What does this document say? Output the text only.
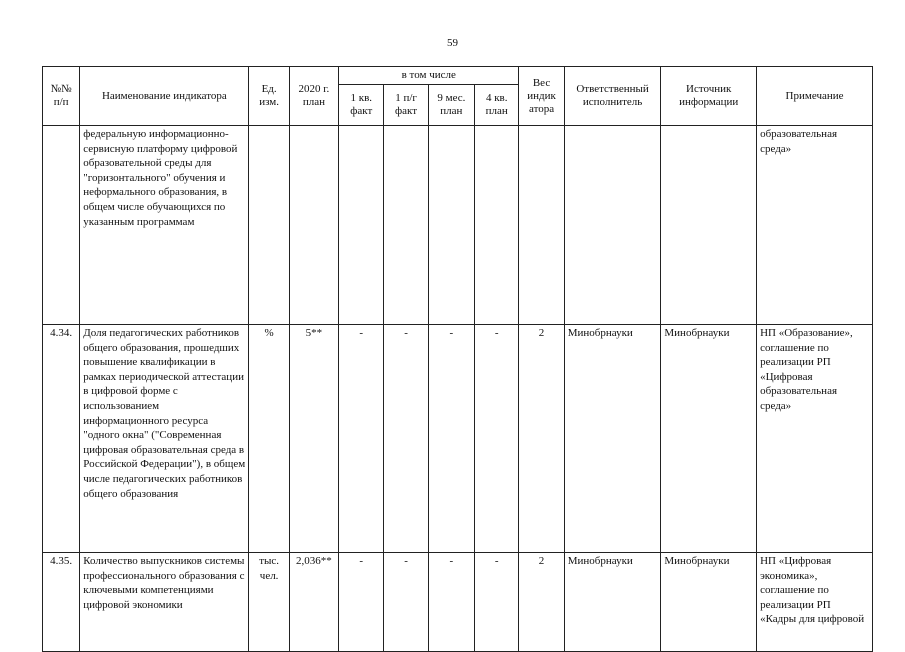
59
№№ п/п	Наименование индикатора	Ед. изм.	2020 г. план	в том числе				Вес индик атора	Ответственный исполнитель	Источник информации	Примечание
				1 кв. факт	1 п/г факт	9 мес. план	4 кв. план				
	федеральную информационно-сервисную платформу цифровой образовательной среды для "горизонтального" обучения и неформального образования, в общем числе обучающихся по указанным программам										образовательная среда»
4.34.	Доля педагогических работников общего образования, прошедших повышение квалификации в рамках периодической аттестации в цифровой форме с использованием информационного ресурса "одного окна" ("Современная цифровая образовательная среда в Российской Федерации"), в общем числе педагогических работников общего образования	%	5**	-	-	-	-	2	Минобрнауки	Минобрнауки	НП «Образование», соглашение по реализации РП «Цифровая образовательная среда»
4.35.	Количество выпускников системы профессионального образования с ключевыми компетенциями цифровой экономики	тыс. чел.	2,036**	-	-	-	-	2	Минобрнауки	Минобрнауки	НП «Цифровая экономика», соглашение по реализации РП «Кадры для цифровой
